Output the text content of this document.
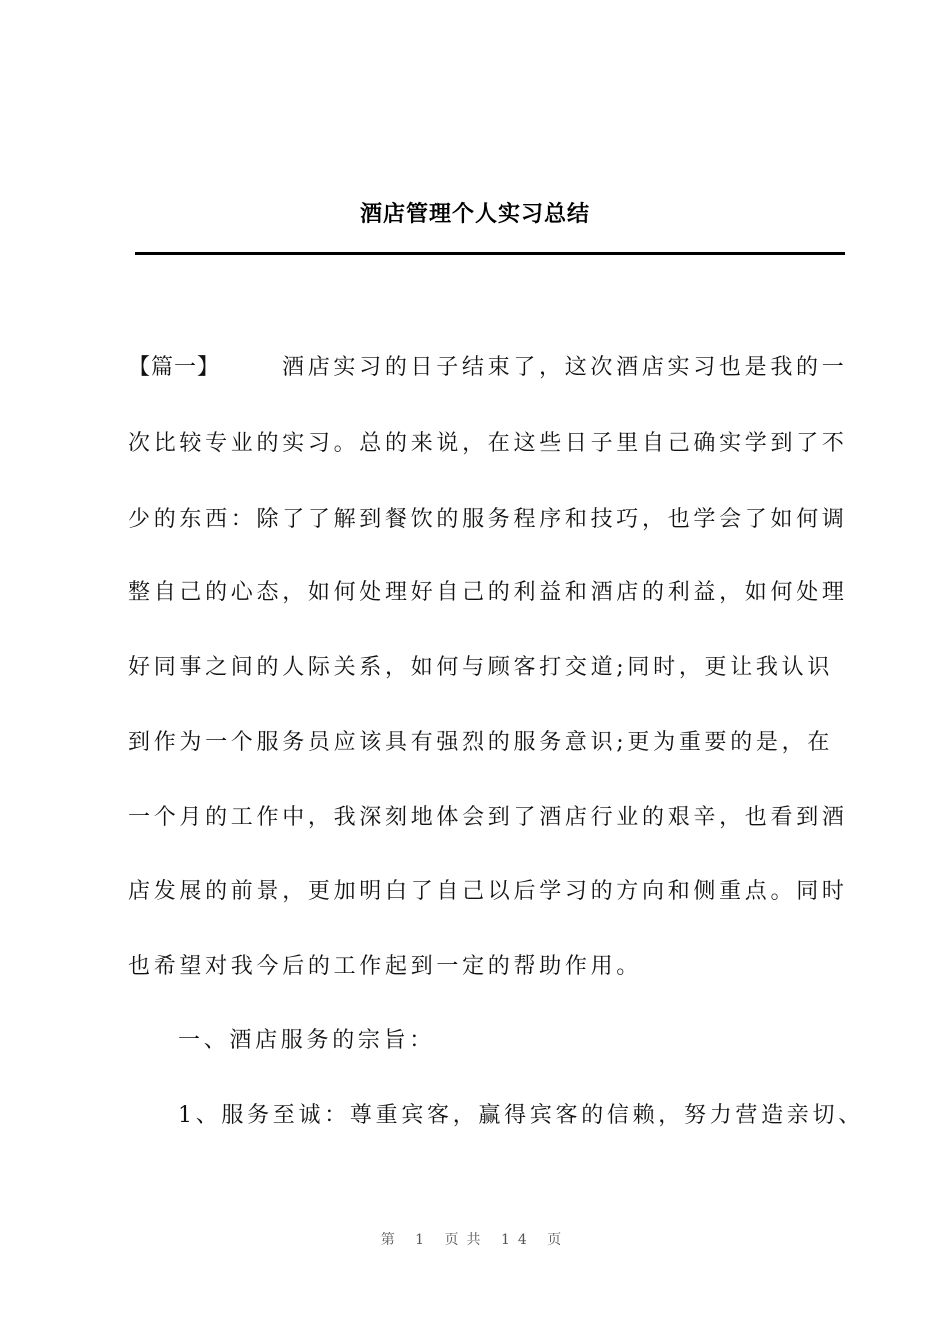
酒店管理个人实习总结
【篇一】	酒店实习的日子结束了，这次酒店实习也是我的一
次比较专业的实习。总的来说，在这些日子里自己确实学到了不
少的东西：除了了解到餐饮的服务程序和技巧，也学会了如何调
整自己的心态，如何处理好自己的利益和酒店的利益，如何处理
好同事之间的人际关系，如何与顾客打交道;同时，更让我认识
到作为一个服务员应该具有强烈的服务意识;更为重要的是，在
一个月的工作中，我深刻地体会到了酒店行业的艰辛，也看到酒
店发展的前景，更加明白了自己以后学习的方向和侧重点。同时
也希望对我今后的工作起到一定的帮助作用。
一、酒店服务的宗旨：
1、服务至诚：尊重宾客，赢得宾客的信赖，努力营造亲切、
第 1 页共 14 页
